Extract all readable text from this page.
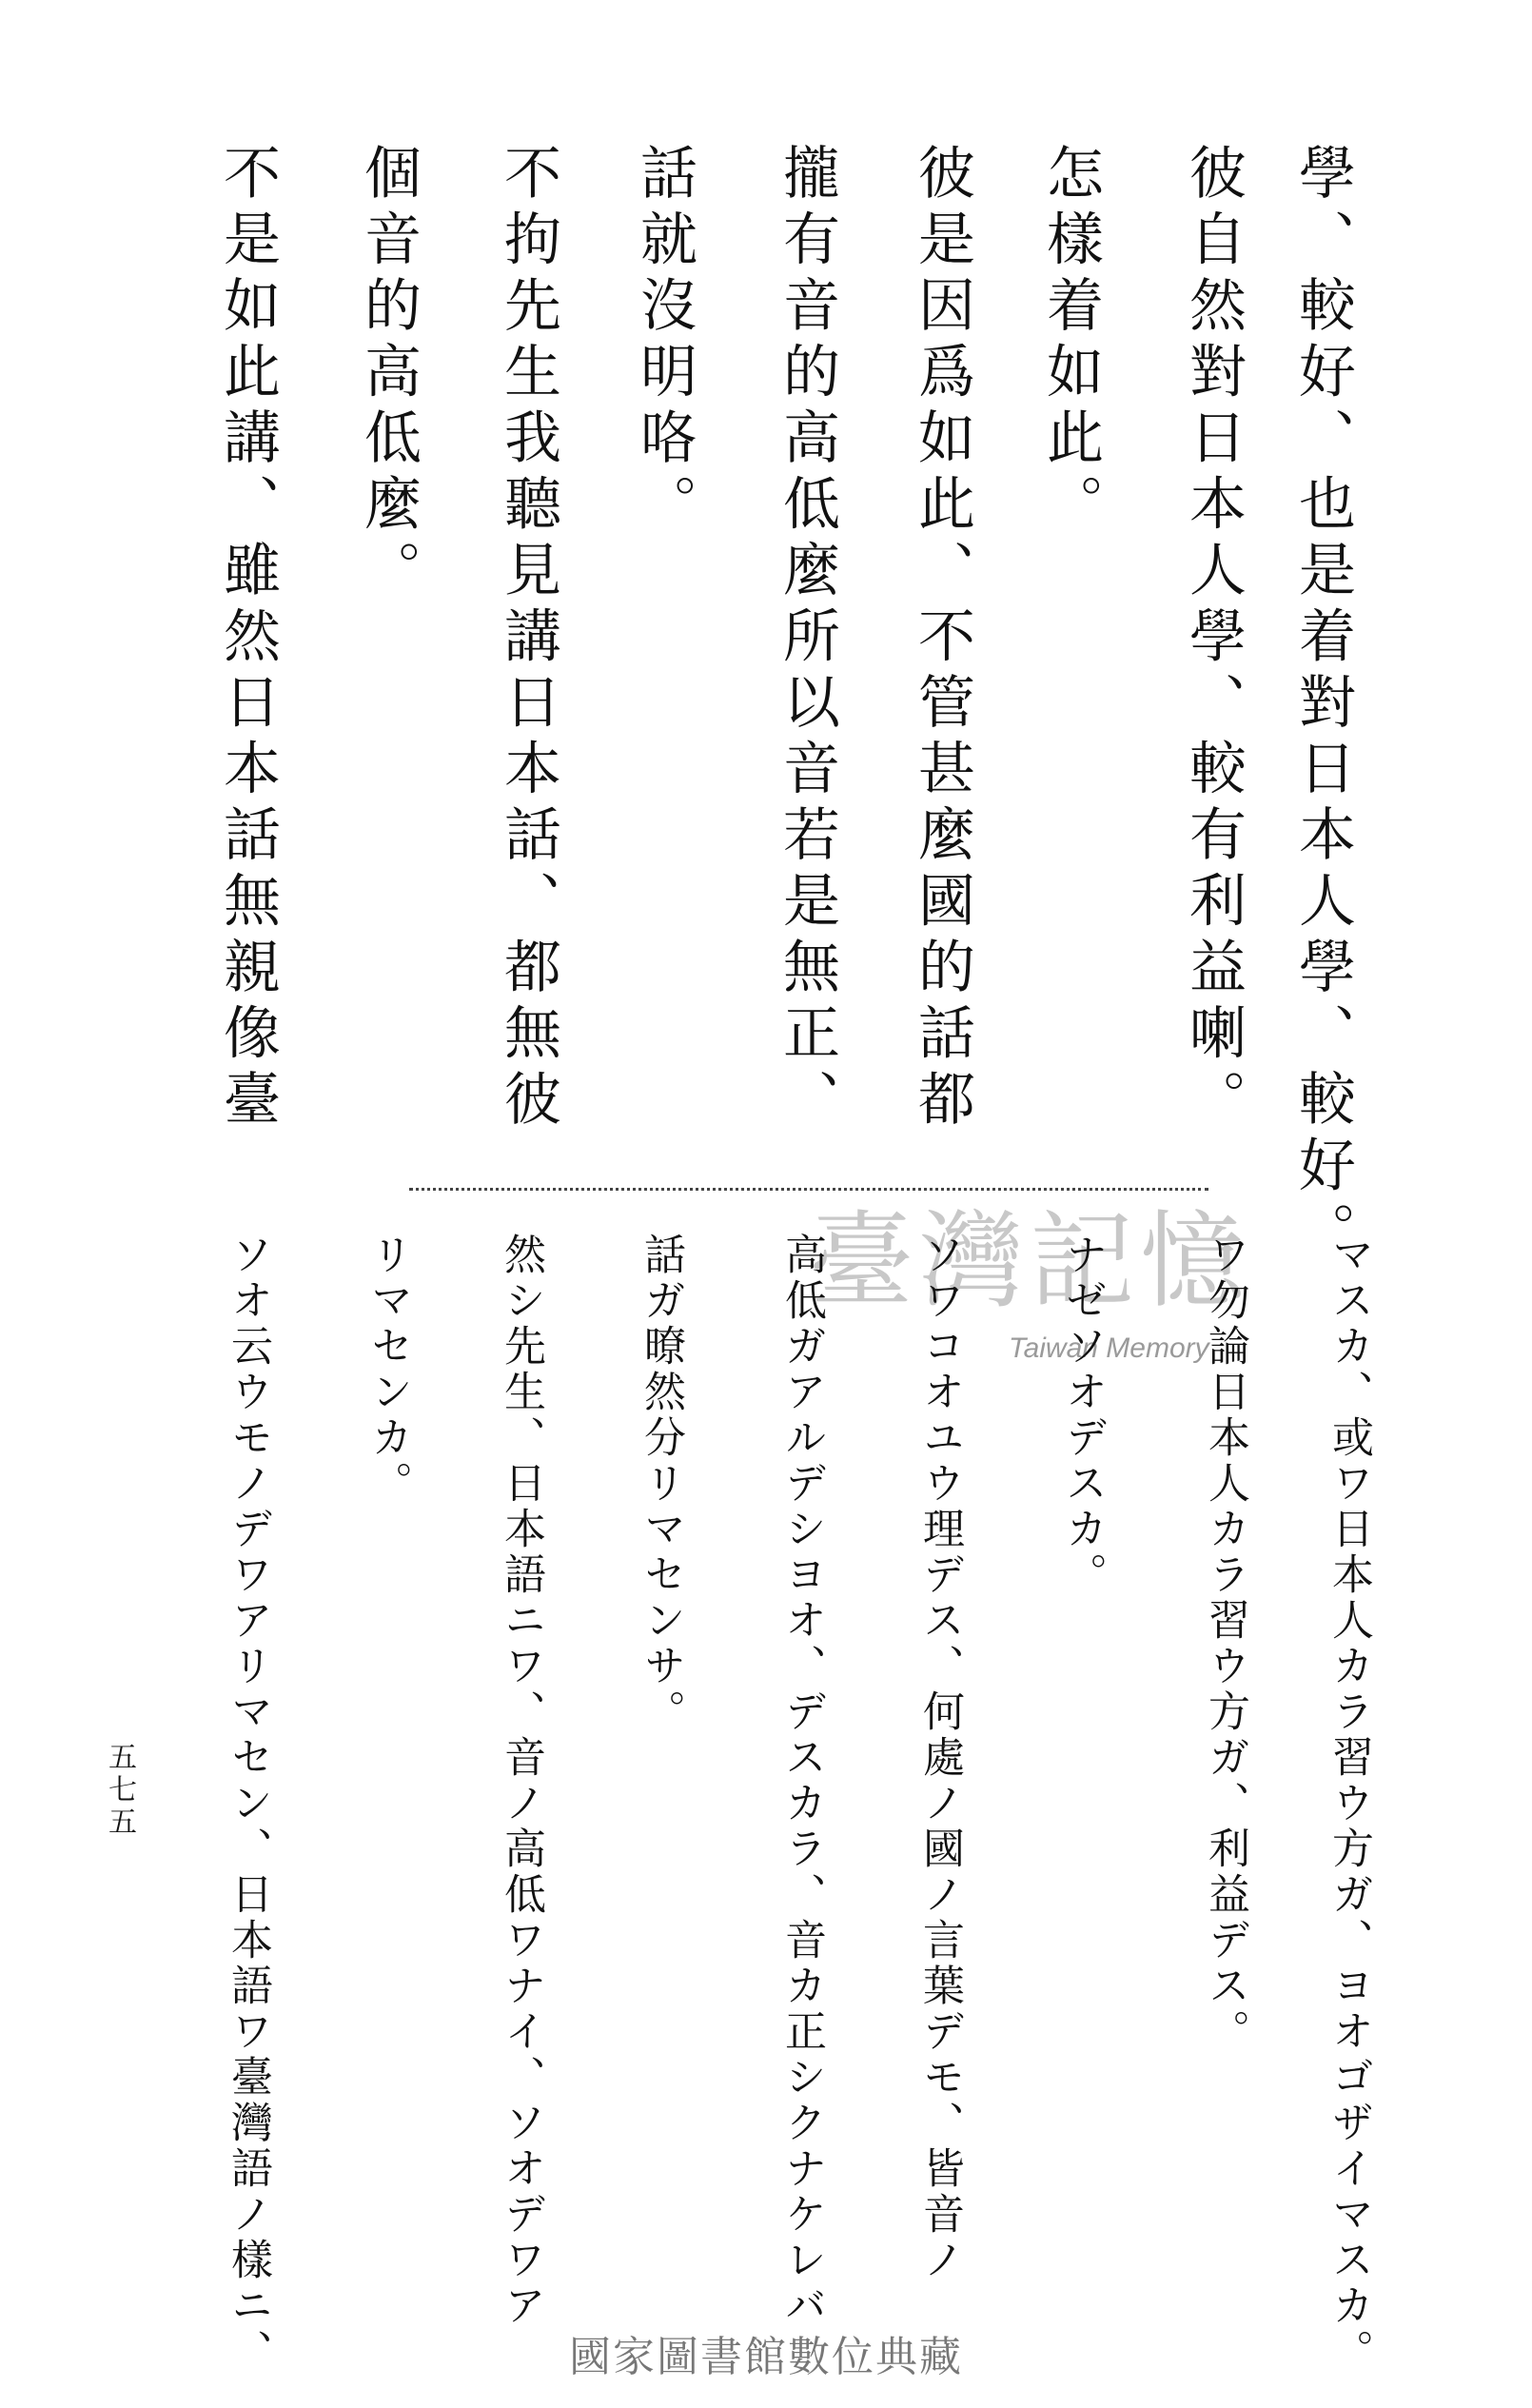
學、較好、也是着對日本人學、較好。
彼自然對日本人學、較有利益喇。
怎樣着如此。
彼是因爲如此、不管甚麼國的話都
攏有音的高低麼所以音若是無正、
話就沒明咯。
不拘先生我聽見講日本話、都無彼
個音的高低麼。
不是如此講、雖然日本話無親像臺
臺灣記憶
Taiwan Memory	マスカ、或ワ日本人カラ習ウ方ガ、ヨオゴザイマスカ。
ワ勿論日本人カラ習ウ方ガ、利益デス。
ナゼソオデスカ。
ソワコオユウ理デス、何處ノ國ノ言葉デモ、皆音ノ
高低ガアルデシヨオ、デスカラ、音カ正シクナケレバ
話ガ暸然分リマセンサ。
然シ先生、日本語ニワ、音ノ高低ワナイ、ソオデワア
リマセンカ。
ソオ云ウモノデワアリマセン、日本語ワ臺灣語ノ樣ニ、
五七五
國家圖書館數位典藏
